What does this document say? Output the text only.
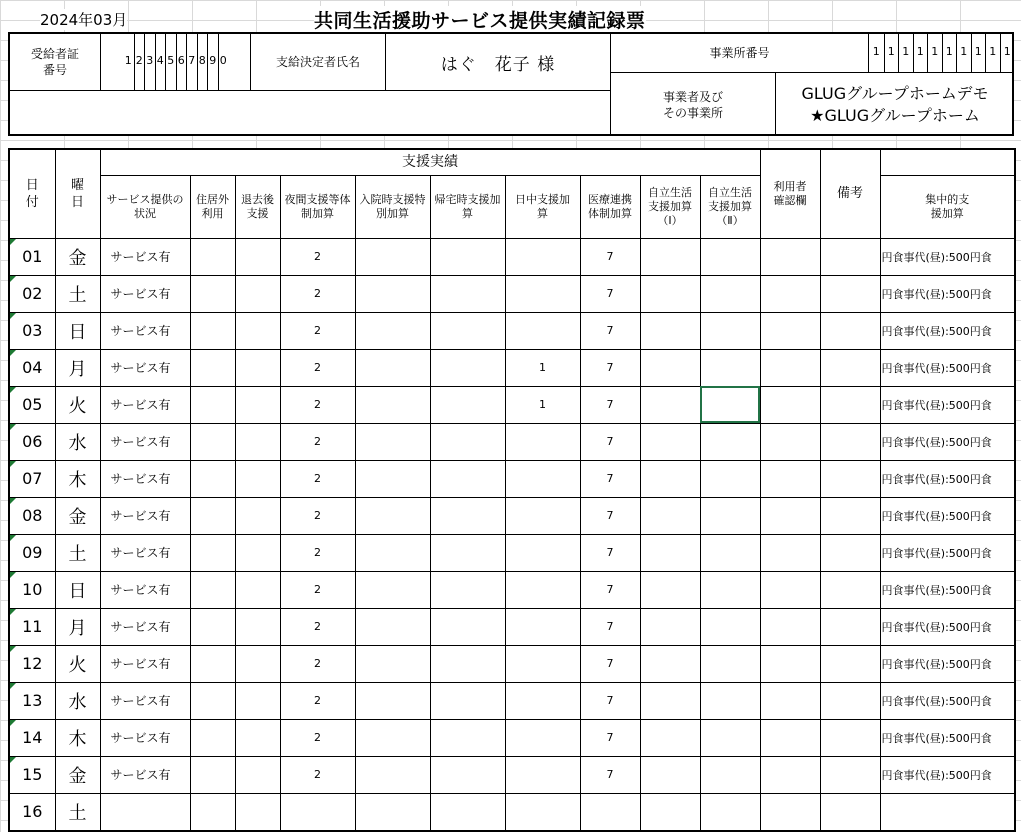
2024年03月	共同生活援助サービス提供実績記録票
受給者証
番号
1 2 3 4 5 6 7 8 9 0	支給決定者氏名	はぐ　花子 様
事業所番号	1 1 1 1 1 1 1 1 1 1
事業者及び
その事業所
GLUGグループホームデモ
★GLUGグループホーム
日付	曜日	支援実績										利用者確認欄	備考	
		サービス提供の状況	住居外利用	退去後支援	夜間支援等体制加算	入院時支援特別加算	帰宅時支援加算	日中支援加算	医療連携体制加算	自立生活支援加算（Ⅰ）	自立生活支援加算（Ⅱ）			集中的支援加算
01	金	サービス有			2				7					円食事代(昼):500円食
02	土	サービス有			2				7					円食事代(昼):500円食
03	日	サービス有			2				7					円食事代(昼):500円食
04	月	サービス有			2			1	7					円食事代(昼):500円食
05	火	サービス有			2			1	7					円食事代(昼):500円食
06	水	サービス有			2				7					円食事代(昼):500円食
07	木	サービス有			2				7					円食事代(昼):500円食
08	金	サービス有			2				7					円食事代(昼):500円食
09	土	サービス有			2				7					円食事代(昼):500円食
10	日	サービス有			2				7					円食事代(昼):500円食
11	月	サービス有			2				7					円食事代(昼):500円食
12	火	サービス有			2				7					円食事代(昼):500円食
13	水	サービス有			2				7					円食事代(昼):500円食
14	木	サービス有			2				7					円食事代(昼):500円食
15	金	サービス有			2				7					円食事代(昼):500円食
16	土													
